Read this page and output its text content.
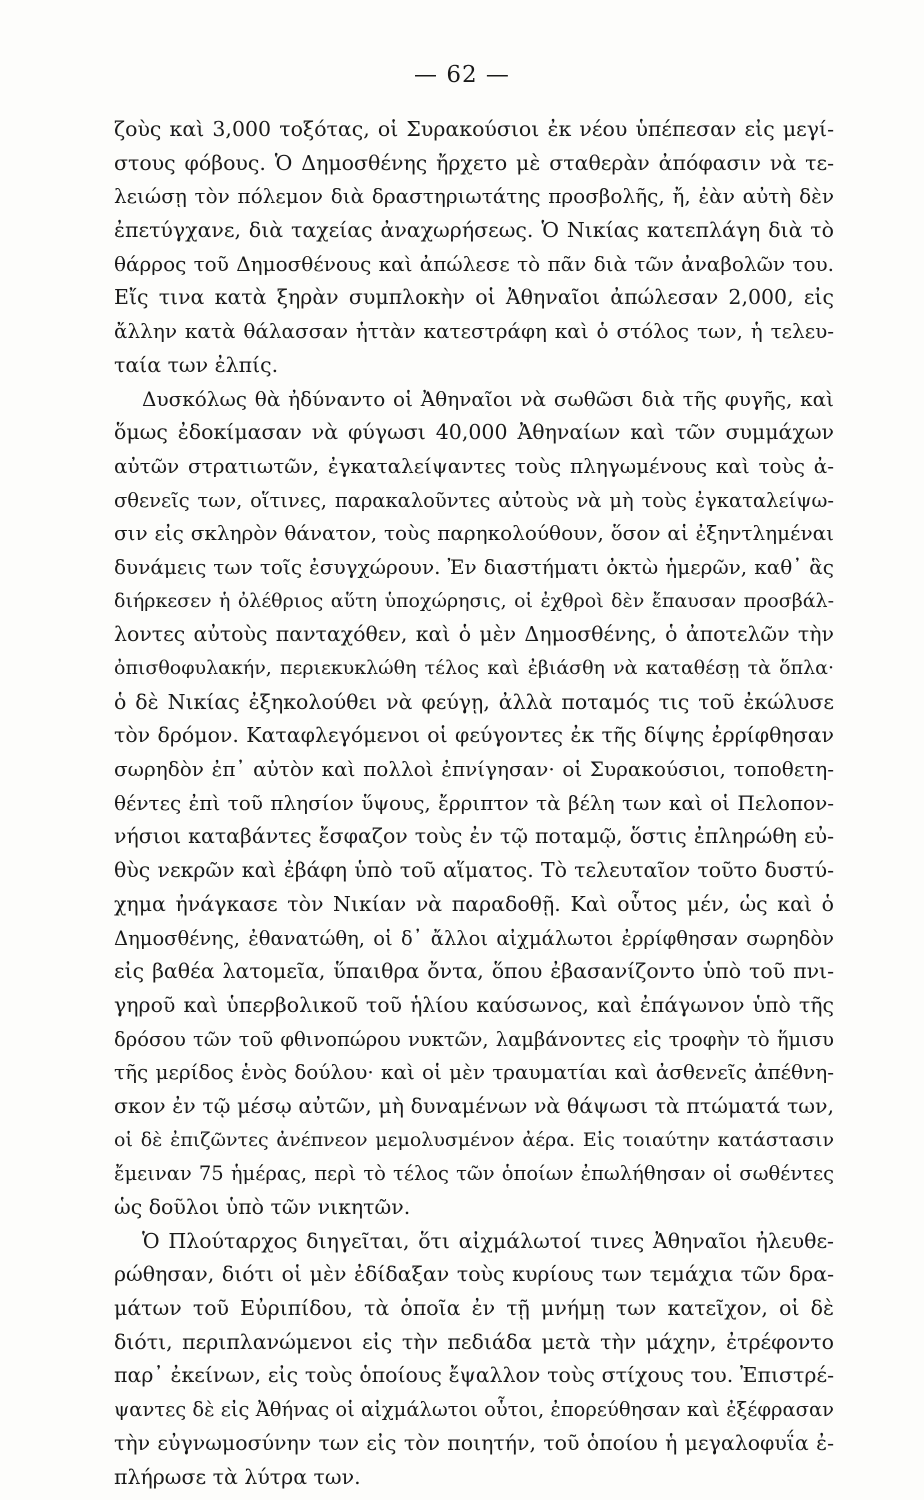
— 62 —
ζοὺς καὶ 3,000 τοξότας, οἱ Συρακούσιοι ἐκ νέου ὑπέπεσαν εἰς μεγί-
στους φόβους. Ὁ Δημοσθένης ἤρχετο μὲ σταθερὰν ἀπόφασιν νὰ τε-
λειώσῃ τὸν πόλεμον διὰ δραστηριωτάτης προσβολῆς, ἤ, ἐὰν αὐτὴ δὲν
ἐπετύγχανε, διὰ ταχείας ἀναχωρήσεως. Ὁ Νικίας κατεπλάγη διὰ τὸ
θάρρος τοῦ Δημοσθένους καὶ ἀπώλεσε τὸ πᾶν διὰ τῶν ἀναβολῶν του.
Εἴς τινα κατὰ ξηρὰν συμπλοκὴν οἱ Ἀθηναῖοι ἀπώλεσαν 2,000, εἰς
ἄλλην κατὰ θάλασσαν ἡττὰν κατεστράφη καὶ ὁ στόλος των, ἡ τελευ-
ταία των ἐλπίς.
Δυσκόλως θὰ ἠδύναντο οἱ Ἀθηναῖοι νὰ σωθῶσι διὰ τῆς φυγῆς, καὶ
ὅμως ἐδοκίμασαν νὰ φύγωσι 40,000 Ἀθηναίων καὶ τῶν συμμάχων
αὐτῶν στρατιωτῶν, ἐγκαταλείψαντες τοὺς πληγωμένους καὶ τοὺς ἀ-
σθενεῖς των, οἵτινες, παρακαλοῦντες αὐτοὺς νὰ μὴ τοὺς ἐγκαταλείψω-
σιν εἰς σκληρὸν θάνατον, τοὺς παρηκολούθουν, ὅσον αἱ ἐξηντλημέναι
δυνάμεις των τοῖς ἐσυγχώρουν. Ἐν διαστήματι ὀκτὼ ἡμερῶν, καθ᾽ ἃς
διήρκεσεν ἡ ὀλέθριος αὕτη ὑποχώρησις, οἱ ἐχθροὶ δὲν ἔπαυσαν προσβάλ-
λοντες αὐτοὺς πανταχόθεν, καὶ ὁ μὲν Δημοσθένης, ὁ ἀποτελῶν τὴν
ὀπισθοφυλακήν, περιεκυκλώθη τέλος καὶ ἐβιάσθη νὰ καταθέσῃ τὰ ὅπλα·
ὁ δὲ Νικίας ἐξηκολούθει νὰ φεύγῃ, ἀλλὰ ποταμός τις τοῦ ἐκώλυσε
τὸν δρόμον. Καταφλεγόμενοι οἱ φεύγοντες ἐκ τῆς δίψης ἐρρίφθησαν
σωρηδὸν ἐπ᾽ αὐτὸν καὶ πολλοὶ ἐπνίγησαν· οἱ Συρακούσιοι, τοποθετη-
θέντες ἐπὶ τοῦ πλησίον ὕψους, ἔρριπτον τὰ βέλη των καὶ οἱ Πελοπον-
νήσιοι καταβάντες ἔσφαζον τοὺς ἐν τῷ ποταμῷ, ὅστις ἐπληρώθη εὐ-
θὺς νεκρῶν καὶ ἐβάφη ὑπὸ τοῦ αἵματος. Τὸ τελευταῖον τοῦτο δυστύ-
χημα ἠνάγκασε τὸν Νικίαν νὰ παραδοθῇ. Καὶ οὗτος μέν, ὡς καὶ ὁ
Δημοσθένης, ἐθανατώθη, οἱ δ᾽ ἄλλοι αἰχμάλωτοι ἐρρίφθησαν σωρηδὸν
εἰς βαθέα λατομεῖα, ὕπαιθρα ὄντα, ὅπου ἐβασανίζοντο ὑπὸ τοῦ πνι-
γηροῦ καὶ ὑπερβολικοῦ τοῦ ἡλίου καύσωνος, καὶ ἐπάγωνον ὑπὸ τῆς
δρόσου τῶν τοῦ φθινοπώρου νυκτῶν, λαμβάνοντες εἰς τροφὴν τὸ ἥμισυ
τῆς μερίδος ἑνὸς δούλου· καὶ οἱ μὲν τραυματίαι καὶ ἀσθενεῖς ἀπέθνη-
σκον ἐν τῷ μέσῳ αὐτῶν, μὴ δυναμένων νὰ θάψωσι τὰ πτώματά των,
οἱ δὲ ἐπιζῶντες ἀνέπνεον μεμολυσμένον ἀέρα. Εἰς τοιαύτην κατάστασιν
ἔμειναν 75 ἡμέρας, περὶ τὸ τέλος τῶν ὁποίων ἐπωλήθησαν οἱ σωθέντες
ὡς δοῦλοι ὑπὸ τῶν νικητῶν.
Ὁ Πλούταρχος διηγεῖται, ὅτι αἰχμάλωτοί τινες Ἀθηναῖοι ἠλευθε-
ρώθησαν, διότι οἱ μὲν ἐδίδαξαν τοὺς κυρίους των τεμάχια τῶν δρα-
μάτων τοῦ Εὐριπίδου, τὰ ὁποῖα ἐν τῇ μνήμῃ των κατεῖχον, οἱ δὲ
διότι, περιπλανώμενοι εἰς τὴν πεδιάδα μετὰ τὴν μάχην, ἐτρέφοντο
παρ᾽ ἐκείνων, εἰς τοὺς ὁποίους ἔψαλλον τοὺς στίχους του. Ἐπιστρέ-
ψαντες δὲ εἰς Ἀθήνας οἱ αἰχμάλωτοι οὗτοι, ἐπορεύθησαν καὶ ἐξέφρασαν
τὴν εὐγνωμοσύνην των εἰς τὸν ποιητήν, τοῦ ὁποίου ἡ μεγαλοφυΐα ἐ-
πλήρωσε τὰ λύτρα των.
